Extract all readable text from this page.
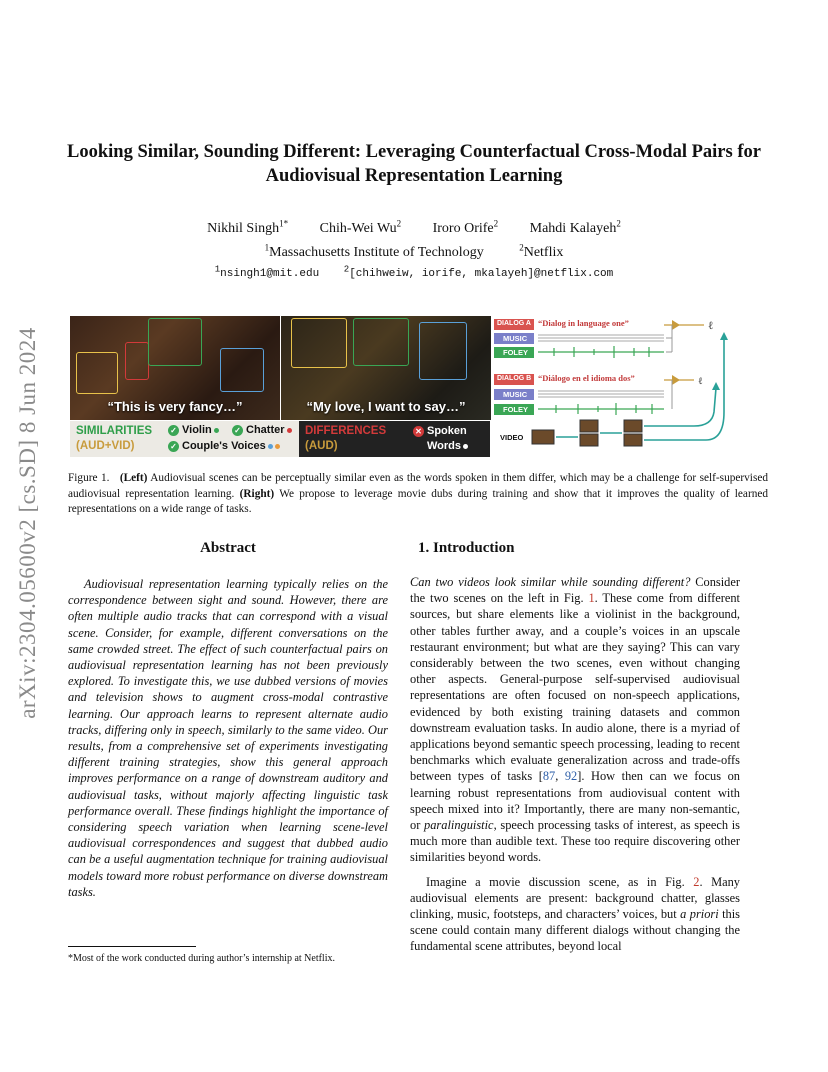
arXiv:2304.05600v2 [cs.SD] 8 Jun 2024
Looking Similar, Sounding Different: Leveraging Counterfactual Cross-Modal Pairs for Audiovisual Representation Learning
Nikhil Singh$^{1*}$ Chih-Wei Wu$^2$ Iroro Orife$^2$ Mahdi Kalayeh$^2$
$^1$Massachusetts Institute of Technology	$^2$Netflix
$^1$nsingh1@mit.edu	$^2$[chihweiw, iorife, mkalayeh]@netflix.com
“This is very fancy…”	“My love, I want to say…”
SIMILARITIES
(AUD+VID)
✓ Violin	✓ Chatter
✓ Couple's Voices
DIFFERENCES
(AUD)
✕ Spoken
Words
ℓ
ℓ
DIALOG A “Dialog in language one”
MUSIC
FOLEY
DIALOG B “Diálogo en el idioma dos”
MUSIC
FOLEY
VIDEO
Figure 1. (Left) Audiovisual scenes can be perceptually similar even as the words spoken in them differ, which may be a challenge for self-supervised audiovisual representation learning. (Right) We propose to leverage movie dubs during training and show that it improves the quality of learned representations on a wide range of tasks.
Abstract
Audiovisual representation learning typically relies on the correspondence between sight and sound. However, there are often multiple audio tracks that can correspond with a visual scene. Consider, for example, different conversations on the same crowded street. The effect of such counterfactual pairs on audiovisual representation learning has not been previously explored. To investigate this, we use dubbed versions of movies and television shows to augment cross-modal contrastive learning. Our approach learns to represent alternate audio tracks, differing only in speech, similarly to the same video. Our results, from a comprehensive set of experiments investigating different training strategies, show this general approach improves performance on a range of downstream auditory and audiovisual tasks, without majorly affecting linguistic task performance overall. These findings highlight the importance of considering speech variation when learning scene-level audiovisual correspondences and suggest that dubbed audio can be a useful augmentation technique for training audiovisual models toward more robust performance on diverse downstream tasks.
1. Introduction

Can two videos look similar while sounding different? Consider the two scenes on the left in Fig. 1. These come from different sources, but share elements like a violinist in the background, other tables further away, and a couple’s voices in an upscale restaurant environment; but what are they saying? This can vary considerably between the two scenes, even without changing other aspects. General-purpose self-supervised audiovisual representations are often focused on non-speech applications, evidenced by both existing training datasets and common downstream evaluation tasks. In audio alone, there is a myriad of applications beyond semantic speech processing, leading to recent benchmarks which evaluate generalization across and trade-offs between types of tasks [87, 92]. How then can we focus on learning robust representations from audiovisual content with speech mixed into it? Importantly, there are many non-semantic, or paralinguistic, speech processing tasks of interest, as speech is much more than audible text. These too require discovering other similarities beyond words.

Imagine a movie discussion scene, as in Fig. 2. Many audiovisual elements are present: background chatter, glasses clinking, music, footsteps, and characters’ voices, but a priori this scene could contain many different dialogs without changing the fundamental scene attributes, beyond local

*Most of the work conducted during author’s internship at Netflix.
